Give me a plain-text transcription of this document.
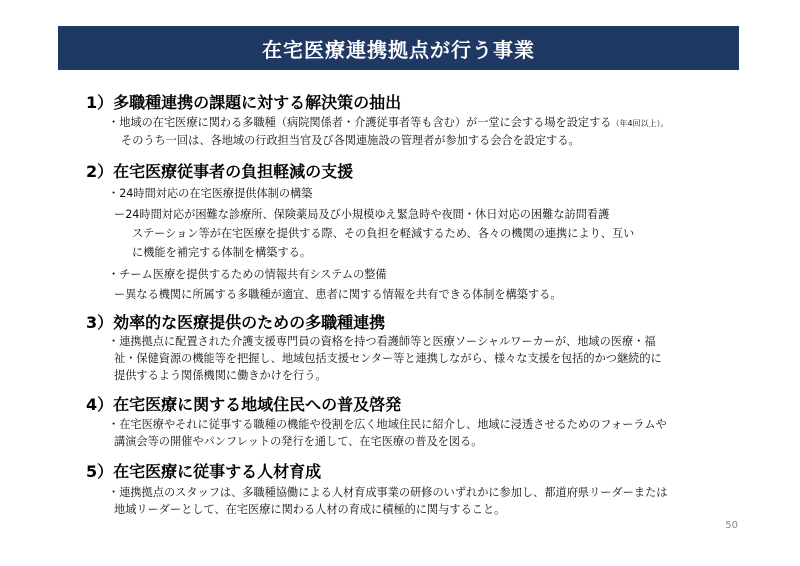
在宅医療連携拠点が行う事業
1）多職種連携の課題に対する解決策の抽出
・地域の在宅医療に関わる多職種（病院関係者・介護従事者等も含む）が一堂に会する場を設定する（年4回以上）。
そのうち一回は、各地域の行政担当官及び各関連施設の管理者が参加する会合を設定する。
2）在宅医療従事者の負担軽減の支援
・24時間対応の在宅医療提供体制の構築
ー24時間対応が困難な診療所、保険薬局及び小規模ゆえ緊急時や夜間・休日対応の困難な訪問看護
ステーション等が在宅医療を提供する際、その負担を軽減するため、各々の機関の連携により、互い
に機能を補完する体制を構築する。
・チーム医療を提供するための情報共有システムの整備
ー異なる機関に所属する多職種が適宜、患者に関する情報を共有できる体制を構築する。
3）効率的な医療提供のための多職種連携
・連携拠点に配置された介護支援専門員の資格を持つ看護師等と医療ソーシャルワーカーが、地域の医療・福
祉・保健資源の機能等を把握し、地域包括支援センター等と連携しながら、様々な支援を包括的かつ継続的に
提供するよう関係機関に働きかけを行う。
4）在宅医療に関する地域住民への普及啓発
・在宅医療やそれに従事する職種の機能や役割を広く地域住民に紹介し、地域に浸透させるためのフォーラムや
講演会等の開催やパンフレットの発行を通して、在宅医療の普及を図る。
5）在宅医療に従事する人材育成
・連携拠点のスタッフは、多職種協働による人材育成事業の研修のいずれかに参加し、都道府県リーダーまたは
地域リーダーとして、在宅医療に関わる人材の育成に積極的に関与すること。
50
